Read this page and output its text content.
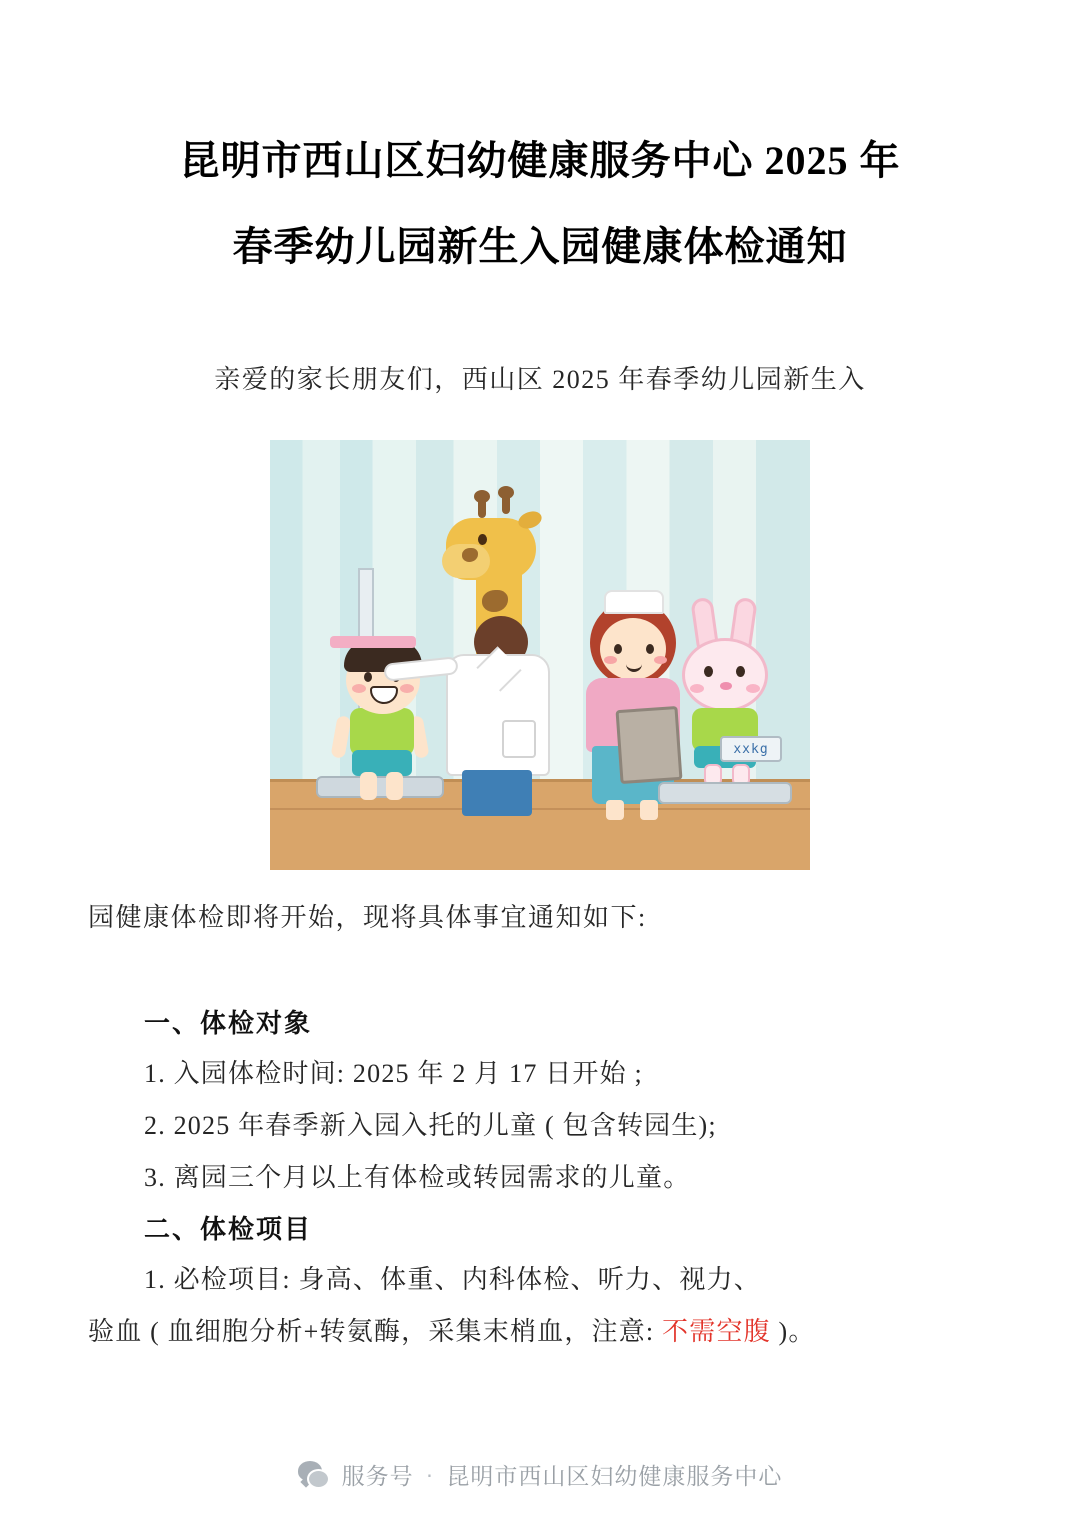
昆明市西山区妇幼健康服务中心 2025 年
春季幼儿园新生入园健康体检通知
亲爱的家长朋友们，西山区 2025 年春季幼儿园新生入
xxkg
园健康体检即将开始，现将具体事宜通知如下:
一、体检对象
1. 入园体检时间: 2025 年 2 月 17 日开始 ;
2. 2025 年春季新入园入托的儿童 ( 包含转园生);
3. 离园三个月以上有体检或转园需求的儿童。
二、体检项目
1. 必检项目: 身高、体重、内科体检、听力、视力、
验血 ( 血细胞分析+转氨酶，采集末梢血，注意: 不需空腹 )。
服务号 · 昆明市西山区妇幼健康服务中心
